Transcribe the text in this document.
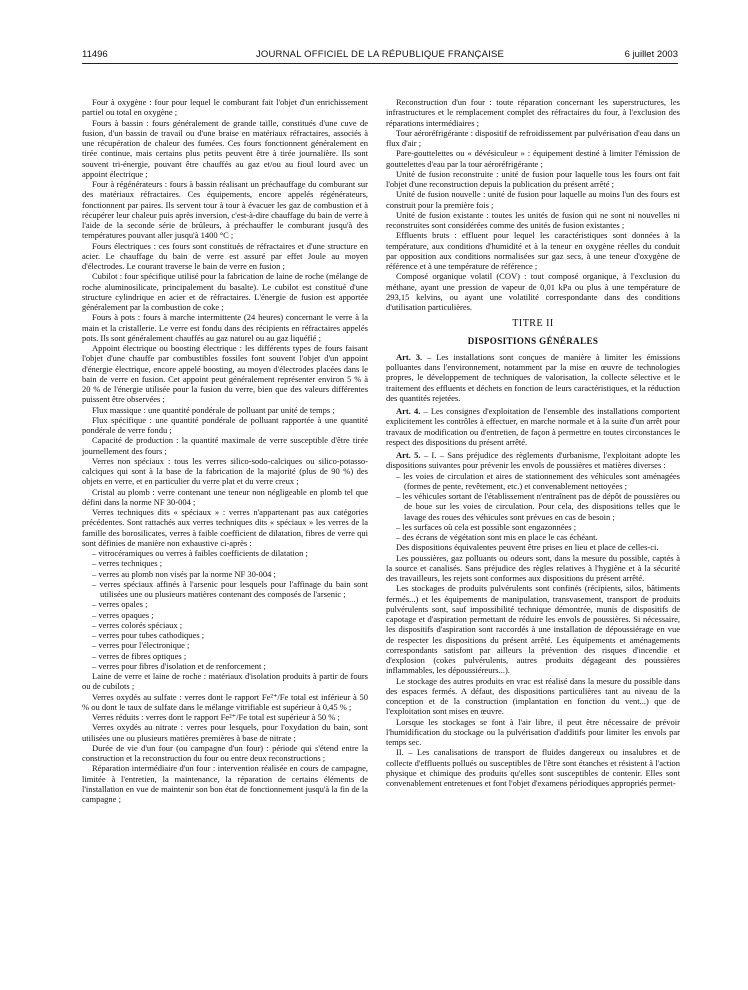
11496	JOURNAL OFFICIEL DE LA RÉPUBLIQUE FRANÇAISE	6 juillet 2003

Four à oxygène : four pour lequel le comburant fait l'objet d'un enrichissement partiel ou total en oxygène ;

Fours à bassin : fours généralement de grande taille, constitués d'une cuve de fusion, d'un bassin de travail ou d'une braise en matériaux réfractaires, associés à une récupération de chaleur des fumées. Ces fours fonctionnent généralement en tirée continue, mais certains plus petits peuvent être à tirée journalière. Ils sont souvent tri-énergie, pouvant être chauffés au gaz et/ou au fioul lourd avec un appoint électrique ;

Four à régénérateurs : fours à bassin réalisant un préchauffage du comburant sur des matériaux réfractaires. Ces équipements, encore appelés régénérateurs, fonctionnent par paires. Ils servent tour à tour à évacuer les gaz de combustion et à récupérer leur chaleur puis après inversion, c'est-à-dire chauffage du bain de verre à l'aide de la seconde série de brûleurs, à préchauffer le comburant jusqu'à des températures pouvant aller jusqu'à 1400 °C ;

Fours électriques : ces fours sont constitués de réfractaires et d'une structure en acier. Le chauffage du bain de verre est assuré par effet Joule au moyen d'électrodes. Le courant traverse le bain de verre en fusion ;

Cubilot : four spécifique utilisé pour la fabrication de laine de roche (mélange de roche aluminosilicate, principalement du basalte). Le cubilot est constitué d'une structure cylindrique en acier et de réfractaires. L'énergie de fusion est apportée généralement par la combustion de coke ;

Fours à pots : fours à marche intermittente (24 heures) concernant le verre à la main et la cristallerie. Le verre est fondu dans des récipients en réfractaires appelés pots. Ils sont généralement chauffés au gaz naturel ou au gaz liquéfié ;

Appoint électrique ou boosting électrique : les différents types de fours faisant l'objet d'une chauffe par combustibles fossiles font souvent l'objet d'un appoint d'énergie électrique, encore appelé boosting, au moyen d'électrodes placées dans le bain de verre en fusion. Cet appoint peut généralement représenter environ 5 % à 20 % de l'énergie utilisée pour la fusion du verre, bien que des valeurs différentes puissent être observées ;

Flux massique : une quantité pondérale de polluant par unité de temps ;

Flux spécifique : une quantité pondérale de polluant rapportée à une quantité pondérale de verre fondu ;

Capacité de production : la quantité maximale de verre susceptible d'être tirée journellement des fours ;

Verres non spéciaux : tous les verres silico-sodo-calciques ou silico-potasso-calciques qui sont à la base de la fabrication de la majorité (plus de 90 %) des objets en verre, et en particulier du verre plat et du verre creux ;

Cristal au plomb : verre contenant une teneur non négligeable en plomb tel que défini dans la norme NF 30-004 ;

Verres techniques dits « spéciaux » : verres n'appartenant pas aux catégories précédentes. Sont rattachés aux verres techniques dits « spéciaux » les verres de la famille des borosilicates, verres à faible coefficient de dilatation, fibres de verre qui sont définies de manière non exhaustive ci-après :

– vitrocéramiques ou verres à faibles coefficients de dilatation ;
– verres techniques ;
– verres au plomb non visés par la norme NF 30-004 ;
– verres spéciaux affinés à l'arsenic pour lesquels pour l'affinage du bain sont utilisées une ou plusieurs matières contenant des composés de l'arsenic ;
– verres opales ;
– verres opaques ;
– verres colorés spéciaux ;
– verres pour tubes cathodiques ;
– verres pour l'électronique ;
– verres de fibres optiques ;
– verres pour fibres d'isolation et de renforcement ;

Laine de verre et laine de roche : matériaux d'isolation produits à partir de fours ou de cubilots ;

Verres oxydés au sulfate : verres dont le rapport Fe²⁺/Fe total est inférieur à 50 % ou dont le taux de sulfate dans le mélange vitrifiable est supérieur à 0,45 % ;

Verres réduits : verres dont le rapport Fe²⁺/Fe total est supérieur à 50 % ;

Verres oxydés au nitrate : verres pour lesquels, pour l'oxydation du bain, sont utilisées une ou plusieurs matières premières à base de nitrate ;

Durée de vie d'un four (ou campagne d'un four) : période qui s'étend entre la construction et la reconstruction du four ou entre deux reconstructions ;

Réparation intermédiaire d'un four : intervention réalisée en cours de campagne, limitée à l'entretien, la maintenance, la réparation de certains éléments de l'installation en vue de maintenir son bon état de fonctionnement jusqu'à la fin de la campagne ;

Reconstruction d'un four : toute réparation concernant les superstructures, les infrastructures et le remplacement complet des réfractaires du four, à l'exclusion des réparations intermédiaires ;

Tour aéroréfrigérante : dispositif de refroidissement par pulvérisation d'eau dans un flux d'air ;

Pare-gouttelettes ou « dévésiculeur » : équipement destiné à limiter l'émission de gouttelettes d'eau par la tour aéroréfrigérante ;

Unité de fusion reconstruite : unité de fusion pour laquelle tous les fours ont fait l'objet d'une reconstruction depuis la publication du présent arrêté ;

Unité de fusion nouvelle : unité de fusion pour laquelle au moins l'un des fours est construit pour la première fois ;

Unité de fusion existante : toutes les unités de fusion qui ne sont ni nouvelles ni reconstruites sont considérées comme des unités de fusion existantes ;

Effluents bruts : effluent pour lequel les caractéristiques sont données à la température, aux conditions d'humidité et à la teneur en oxygène réelles du conduit par opposition aux conditions normalisées sur gaz secs, à une teneur d'oxygène de référence et à une température de référence ;

Composé organique volatil (COV) : tout composé organique, à l'exclusion du méthane, ayant une pression de vapeur de 0,01 kPa ou plus à une température de 293,15 kelvins, ou ayant une volatilité correspondante dans des conditions d'utilisation particulières.

TITRE II

DISPOSITIONS GÉNÉRALES

Art. 3. – Les installations sont conçues de manière à limiter les émissions polluantes dans l'environnement, notamment par la mise en œuvre de technologies propres, le développement de techniques de valorisation, la collecte sélective et le traitement des effluents et déchets en fonction de leurs caractéristiques, et la réduction des quantités rejetées.

Art. 4. – Les consignes d'exploitation de l'ensemble des installations comportent explicitement les contrôles à effectuer, en marche normale et à la suite d'un arrêt pour travaux de modification ou d'entretien, de façon à permettre en toutes circonstances le respect des dispositions du présent arrêté.

Art. 5. – I. – Sans préjudice des règlements d'urbanisme, l'exploitant adopte les dispositions suivantes pour prévenir les envols de poussières et matières diverses :

– les voies de circulation et aires de stationnement des véhicules sont aménagées (formes de pente, revêtement, etc.) et convenablement nettoyées ;
– les véhicules sortant de l'établissement n'entraînent pas de dépôt de poussières ou de boue sur les voies de circulation. Pour cela, des dispositions telles que le lavage des roues des véhicules sont prévues en cas de besoin ;
– les surfaces où cela est possible sont engazonnées ;
– des écrans de végétation sont mis en place le cas échéant.

Des dispositions équivalentes peuvent être prises en lieu et place de celles-ci.

Les poussières, gaz polluants ou odeurs sont, dans la mesure du possible, captés à la source et canalisés. Sans préjudice des règles relatives à l'hygiène et à la sécurité des travailleurs, les rejets sont conformes aux dispositions du présent arrêté.

Les stockages de produits pulvérulents sont confinés (récipients, silos, bâtiments fermés...) et les équipements de manipulation, transvasement, transport de produits pulvérulents sont, sauf impossibilité technique démontrée, munis de dispositifs de capotage et d'aspiration permettant de réduire les envols de poussières. Si nécessaire, les dispositifs d'aspiration sont raccordés à une installation de dépoussiérage en vue de respecter les dispositions du présent arrêté. Les équipements et aménagements correspondants satisfont par ailleurs la prévention des risques d'incendie et d'explosion (cokes pulvérulents, autres produits dégageant des poussières inflammables, les dépoussiéreurs...).

Le stockage des autres produits en vrac est réalisé dans la mesure du possible dans des espaces fermés. A défaut, des dispositions particulières tant au niveau de la conception et de la construction (implantation en fonction du vent...) que de l'exploitation sont mises en œuvre.

Lorsque les stockages se font à l'air libre, il peut être nécessaire de prévoir l'humidification du stockage ou la pulvérisation d'additifs pour limiter les envols par temps sec.

II. – Les canalisations de transport de fluides dangereux ou insalubres et de collecte d'effluents pollués ou susceptibles de l'être sont étanches et résistent à l'action physique et chimique des produits qu'elles sont susceptibles de contenir. Elles sont convenablement entretenues et font l'objet d'examens périodiques appropriés permet-
